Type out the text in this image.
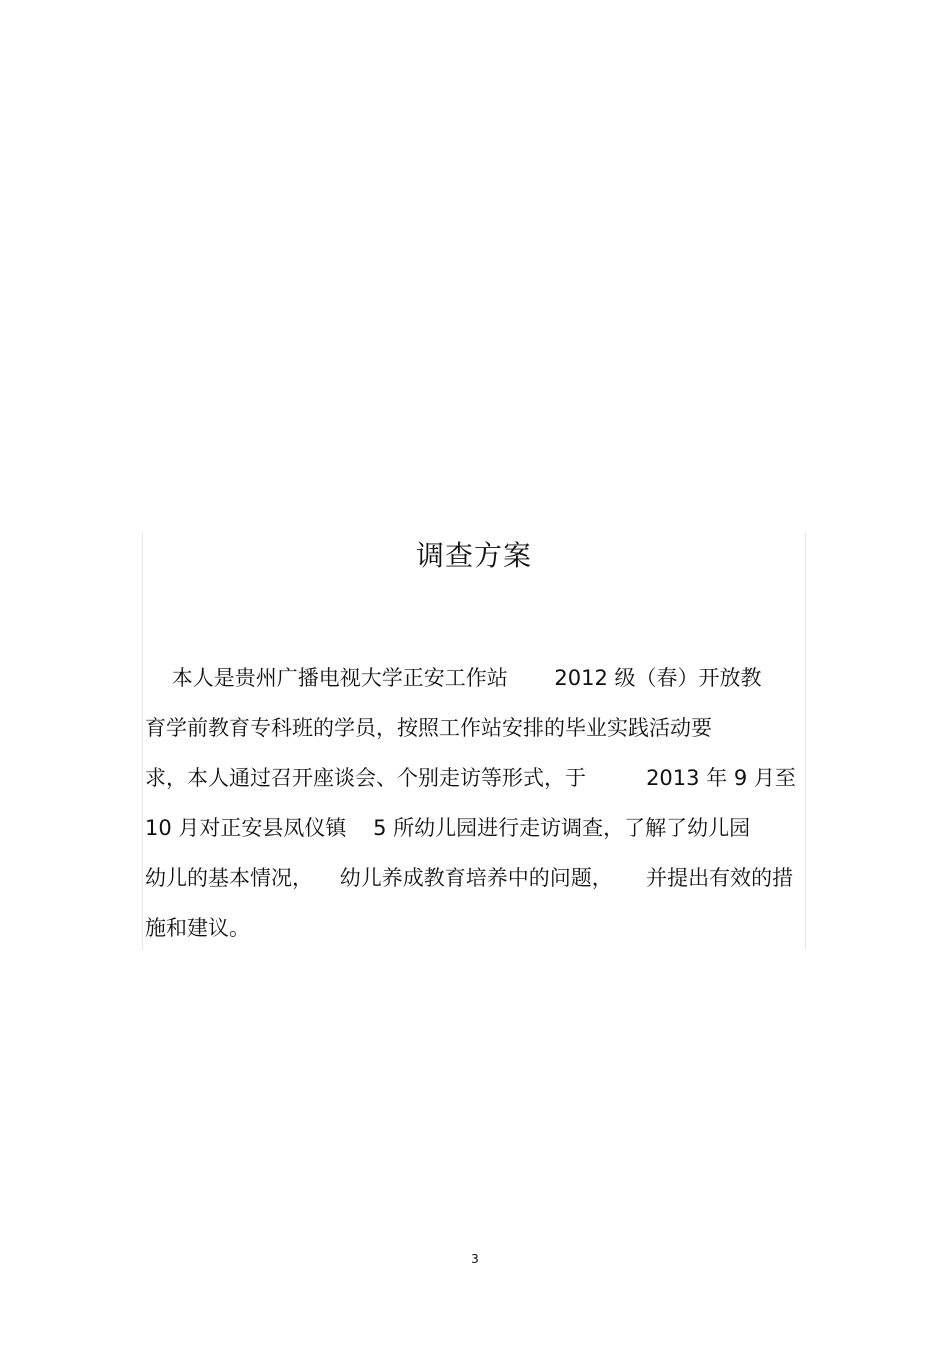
调查方案
本人是贵州广播电视大学正安工作站       2012 级（春）开放教
育学前教育专科班的学员，按照工作站安排的毕业实践活动要
求，本人通过召开座谈会、个别走访等形式，于         2013 年 9 月至
10 月对正安县凤仪镇    5 所幼儿园进行走访调查，了解了幼儿园
幼儿的基本情况，    幼儿养成教育培养中的问题，     并提出有效的措
施和建议。
3
